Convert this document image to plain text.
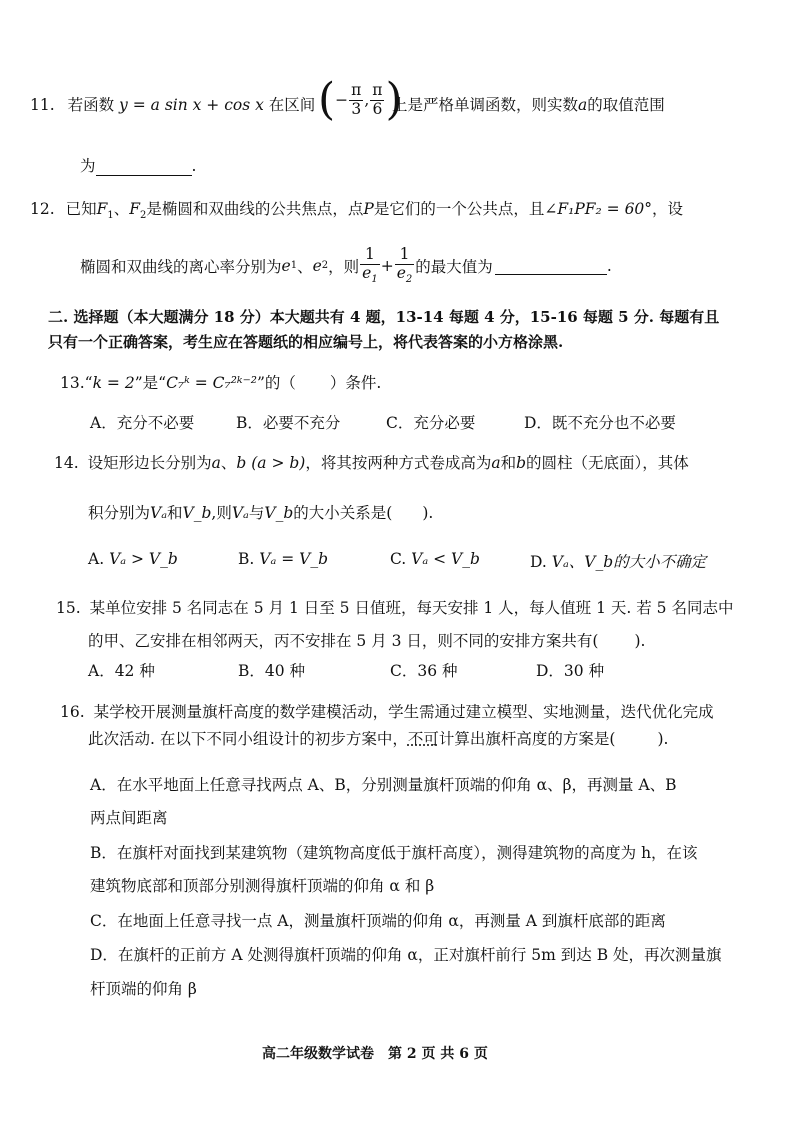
11. 若函数 y = a sin x + cos x 在区间 ( − $\frac{\pi}{3}$ , $\frac{\pi}{6}$ )
上是严格单调函数，则实数a的取值范围
为	.
12. 已知$F_1$、$F_2$是椭圆和双曲线的公共焦点，点P是它们的一个公共点，且∠F₁PF₂ = 60°，设
椭圆和双曲线的离心率分别为 e 1 、 e 2 ，则 $\frac{1}{e_1} + \frac{1}{e_2}$ 的最大值为
	.
二. 选择题（本大题满分 18 分）本大题共有 4 题，13-14 每题 4 分，15-16 每题 5 分. 每题有且
只有一个正确答案，考生应在答题纸的相应编号上，将代表答案的小方格涂黑.
13.“k = 2”是“C₇ᵏ = C₇²ᵏ⁻²”的（ ）条件.
A．充分不必要	B．必要不充分	C．充分必要	D．既不充分也不必要
14. 设矩形边长分别为a、b (a > b)，将其按两种方式卷成高为a和b的圆柱（无底面），其体
积分别为Vₐ和V_b,则Vₐ与V_b的大小关系是( ).
A. Vₐ > V_b	B. Vₐ = V_b	C. Vₐ < V_b	D. Vₐ、V_b的大小不确定
15. 某单位安排 5 名同志在 5 月 1 日至 5 日值班，每天安排 1 人，每人值班 1 天. 若 5 名同志中
的甲、乙安排在相邻两天，丙不安排在 5 月 3 日，则不同的安排方案共有( ).
A．42 种	B．40 种	C．36 种	D．30 种
16. 某学校开展测量旗杆高度的数学建模活动，学生需通过建立模型、实地测量，迭代优化完成
此次活动. 在以下不同小组设计的初步方案中，不可计算出旗杆高度的方案是(	).
A．在水平地面上任意寻找两点 A、B，分别测量旗杆顶端的仰角 α、β，再测量 A、B
两点间距离
B．在旗杆对面找到某建筑物（建筑物高度低于旗杆高度），测得建筑物的高度为 h，在该
建筑物底部和顶部分别测得旗杆顶端的仰角 α 和 β
C．在地面上任意寻找一点 A，测量旗杆顶端的仰角 α，再测量 A 到旗杆底部的距离
D．在旗杆的正前方 A 处测得旗杆顶端的仰角 α，正对旗杆前行 5m 到达 B 处，再次测量旗
杆顶端的仰角 β
高二年级数学试卷　第 2 页 共 6 页
